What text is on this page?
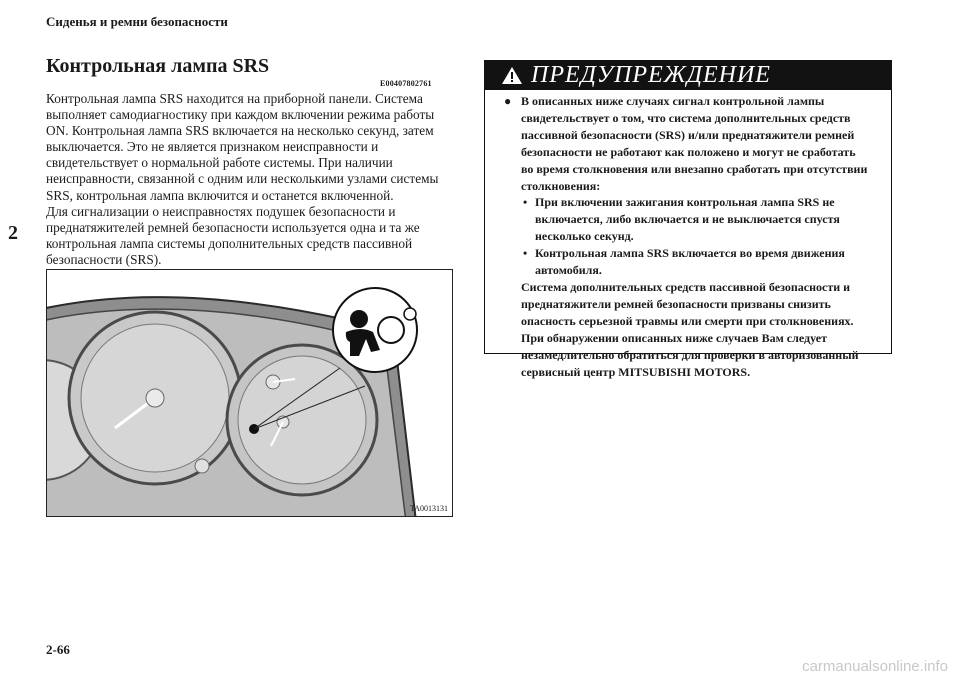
Сиденья и ремни безопасности
Контрольная лампа SRS
E00407802761
Контрольная лампа SRS находится на приборной панели. Система
выполняет самодиагностику при каждом включении режима работы
ON. Контрольная лампа SRS включается на несколько секунд, затем
выключается. Это не является признаком неисправности и
свидетельствует о нормальной работе системы. При наличии
неисправности, связанной с одним или несколькими узлами системы
SRS, контрольная лампа включится и останется включенной.
Для сигнализации о неисправностях подушек безопасности и
преднатяжителей ремней безопасности используется одна и та же
контрольная лампа системы дополнительных средств пассивной
безопасности (SRS).
2
TA0013131
ПРЕДУПРЕЖДЕНИЕ
● В описанных ниже случаях сигнал контрольной лампы
свидетельствует о том, что система дополнительных средств
пассивной безопасности (SRS) и/или преднатяжители ремней
безопасности не работают как положено и могут не сработать
во время столкновения или внезапно сработать при отсутствии
столкновения:
• При включении зажигания контрольная лампа SRS не
включается, либо включается и не выключается спустя
несколько секунд.
• Контрольная лампа SRS включается во время движения
автомобиля.
Система дополнительных средств пассивной безопасности и
преднатяжители ремней безопасности призваны снизить
опасность серьезной травмы или смерти при столкновениях.
При обнаружении описанных ниже случаев Вам следует
незамедлительно обратиться для проверки в авторизованный
сервисный центр MITSUBISHI MOTORS.
2-66
carmanualsonline.info
